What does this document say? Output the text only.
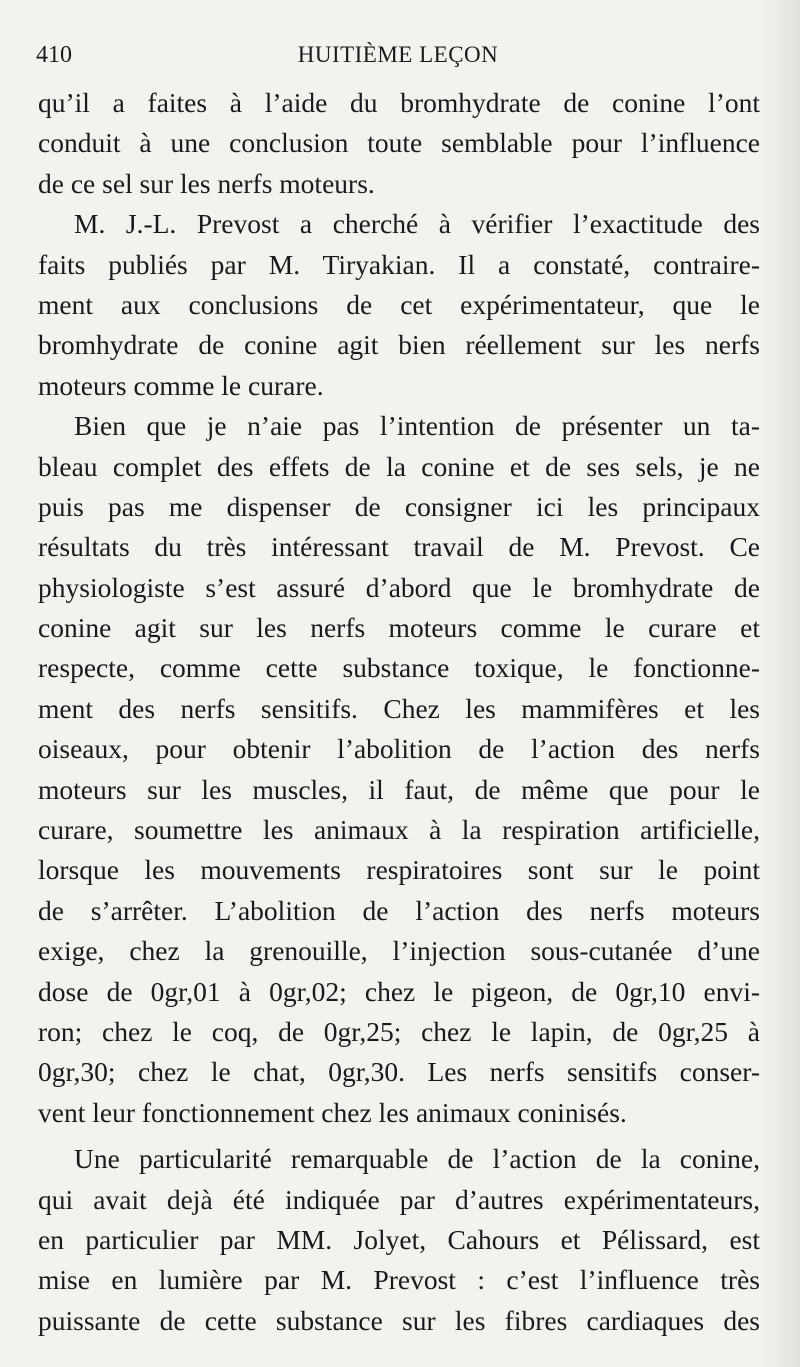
410	HUITIÈME LEÇON
qu’il a faites à l’aide du bromhydrate de conine l’ont
conduit à une conclusion toute semblable pour l’influence
de ce sel sur les nerfs moteurs.
M. J.-L. Prevost a cherché à vérifier l’exactitude des
faits publiés par M. Tiryakian. Il a constaté, contraire-
ment aux conclusions de cet expérimentateur, que le
bromhydrate de conine agit bien réellement sur les nerfs
moteurs comme le curare.
Bien que je n’aie pas l’intention de présenter un ta-
bleau complet des effets de la conine et de ses sels, je ne
puis pas me dispenser de consigner ici les principaux
résultats du très intéressant travail de M. Prevost. Ce
physiologiste s’est assuré d’abord que le bromhydrate de
conine agit sur les nerfs moteurs comme le curare et
respecte, comme cette substance toxique, le fonctionne-
ment des nerfs sensitifs. Chez les mammifères et les
oiseaux, pour obtenir l’abolition de l’action des nerfs
moteurs sur les muscles, il faut, de même que pour le
curare, soumettre les animaux à la respiration artificielle,
lorsque les mouvements respiratoires sont sur le point
de s’arrêter. L’abolition de l’action des nerfs moteurs
exige, chez la grenouille, l’injection sous-cutanée d’une
dose de 0gr,01 à 0gr,02; chez le pigeon, de 0gr,10 envi-
ron; chez le coq, de 0gr,25; chez le lapin, de 0gr,25 à
0gr,30; chez le chat, 0gr,30. Les nerfs sensitifs conser-
vent leur fonctionnement chez les animaux coninisés.
Une particularité remarquable de l’action de la conine,
qui avait dejà été indiquée par d’autres expérimentateurs,
en particulier par MM. Jolyet, Cahours et Pélissard, est
mise en lumière par M. Prevost : c’est l’influence très
puissante de cette substance sur les fibres cardiaques des
